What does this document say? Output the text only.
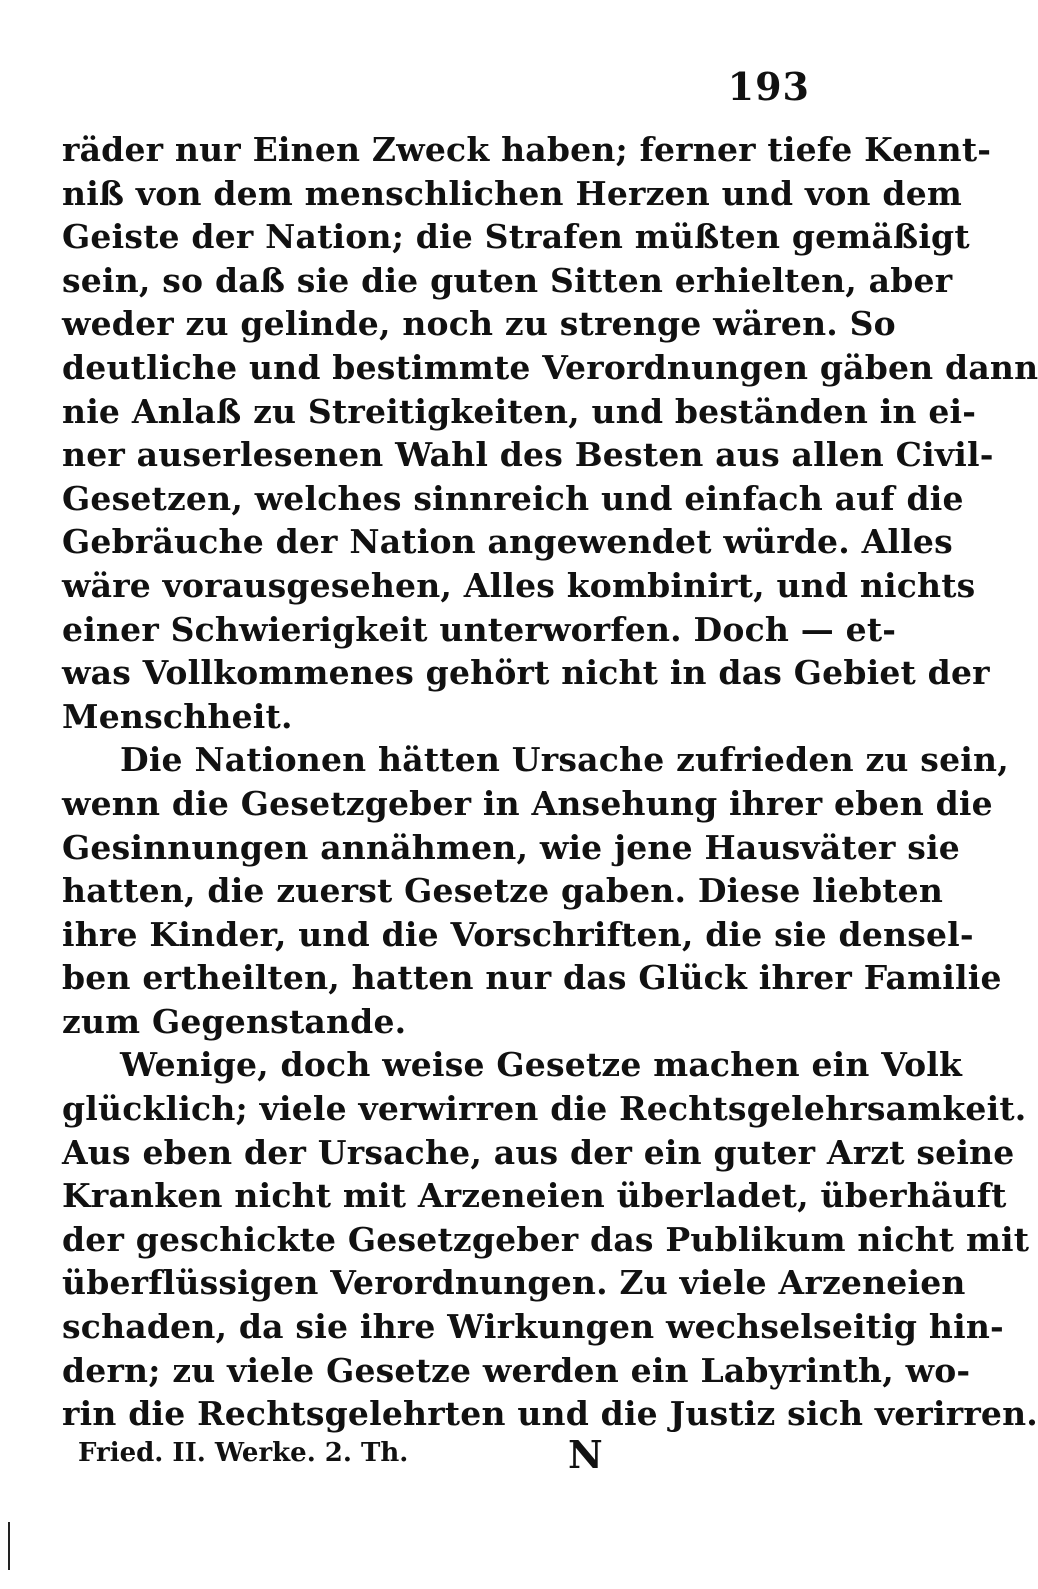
193
räder nur Einen Zweck haben; ferner tiefe Kennt-
niß von dem menschlichen Herzen und von dem
Geiste der Nation; die Strafen müßten gemäßigt
sein, so daß sie die guten Sitten erhielten, aber
weder zu gelinde, noch zu strenge wären. So
deutliche und bestimmte Verordnungen gäben dann
nie Anlaß zu Streitigkeiten, und beständen in ei-
ner auserlesenen Wahl des Besten aus allen Civil-
Gesetzen, welches sinnreich und einfach auf die
Gebräuche der Nation angewendet würde. Alles
wäre vorausgesehen, Alles kombinirt, und nichts
einer Schwierigkeit unterworfen. Doch — et-
was Vollkommenes gehört nicht in das Gebiet der
Menschheit.
Die Nationen hätten Ursache zufrieden zu sein,
wenn die Gesetzgeber in Ansehung ihrer eben die
Gesinnungen annähmen, wie jene Hausväter sie
hatten, die zuerst Gesetze gaben. Diese liebten
ihre Kinder, und die Vorschriften, die sie densel-
ben ertheilten, hatten nur das Glück ihrer Familie
zum Gegenstande.
Wenige, doch weise Gesetze machen ein Volk
glücklich; viele verwirren die Rechtsgelehrsamkeit.
Aus eben der Ursache, aus der ein guter Arzt seine
Kranken nicht mit Arzeneien überladet, überhäuft
der geschickte Gesetzgeber das Publikum nicht mit
überflüssigen Verordnungen. Zu viele Arzeneien
schaden, da sie ihre Wirkungen wechselseitig hin-
dern; zu viele Gesetze werden ein Labyrinth, wo-
rin die Rechtsgelehrten und die Justiz sich verirren.
Fried. II. Werke. 2. Th.	N
